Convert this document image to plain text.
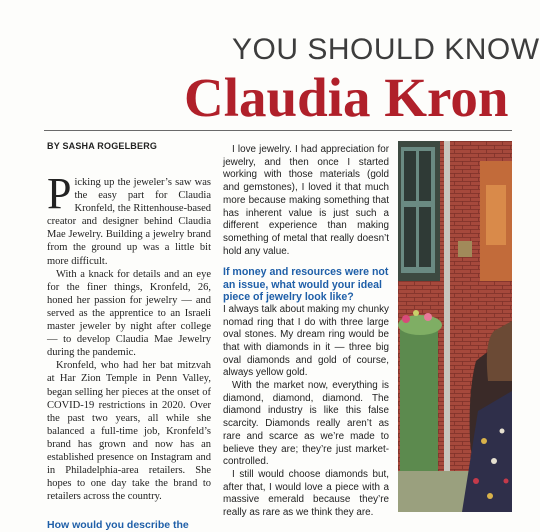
YOU SHOULD KNOW
Claudia Kron
BY SASHA ROGELBERG

Picking up the jeweler’s saw was the easy part for Claudia Kronfeld, the Rittenhouse-based creator and designer behind Claudia Mae Jewelry. Building a jewelry brand from the ground up was a little bit more difficult.

With a knack for details and an eye for the finer things, Kronfeld, 26, honed her passion for jewelry — and served as the apprentice to an Israeli master jeweler by night after college — to develop Claudia Mae Jewelry during the pandemic.

Kronfeld, who had her bat mitzvah at Har Zion Temple in Penn Valley, began selling her pieces at the onset of COVID-19 restrictions in 2020. Over the past two years, all while she balanced a full-time job, Kronfeld’s brand has grown and now has an established presence on Instagram and in Philadelphia-area retailers. She hopes to one day take the brand to retailers across the country.

How would you describe the

I love jewelry. I had appreciation for jewelry, and then once I started working with those materials (gold and gemstones), I loved it that much more because making something that has inherent value is just such a different experience than making something of metal that really doesn’t hold any value.

If money and resources were not an issue, what would your ideal piece of jewelry look like?

I always talk about making my chunky nomad ring that I do with three large oval stones. My dream ring would be that with diamonds in it — three big oval diamonds and gold of course, always yellow gold.

With the market now, everything is diamond, diamond, diamond. The diamond industry is like this false scarcity. Diamonds really aren’t as rare and scarce as we’re made to believe they are; they’re just market-controlled.

I still would choose diamonds but, after that, I would love a piece with a massive emerald because they’re really as rare as we think they are.
